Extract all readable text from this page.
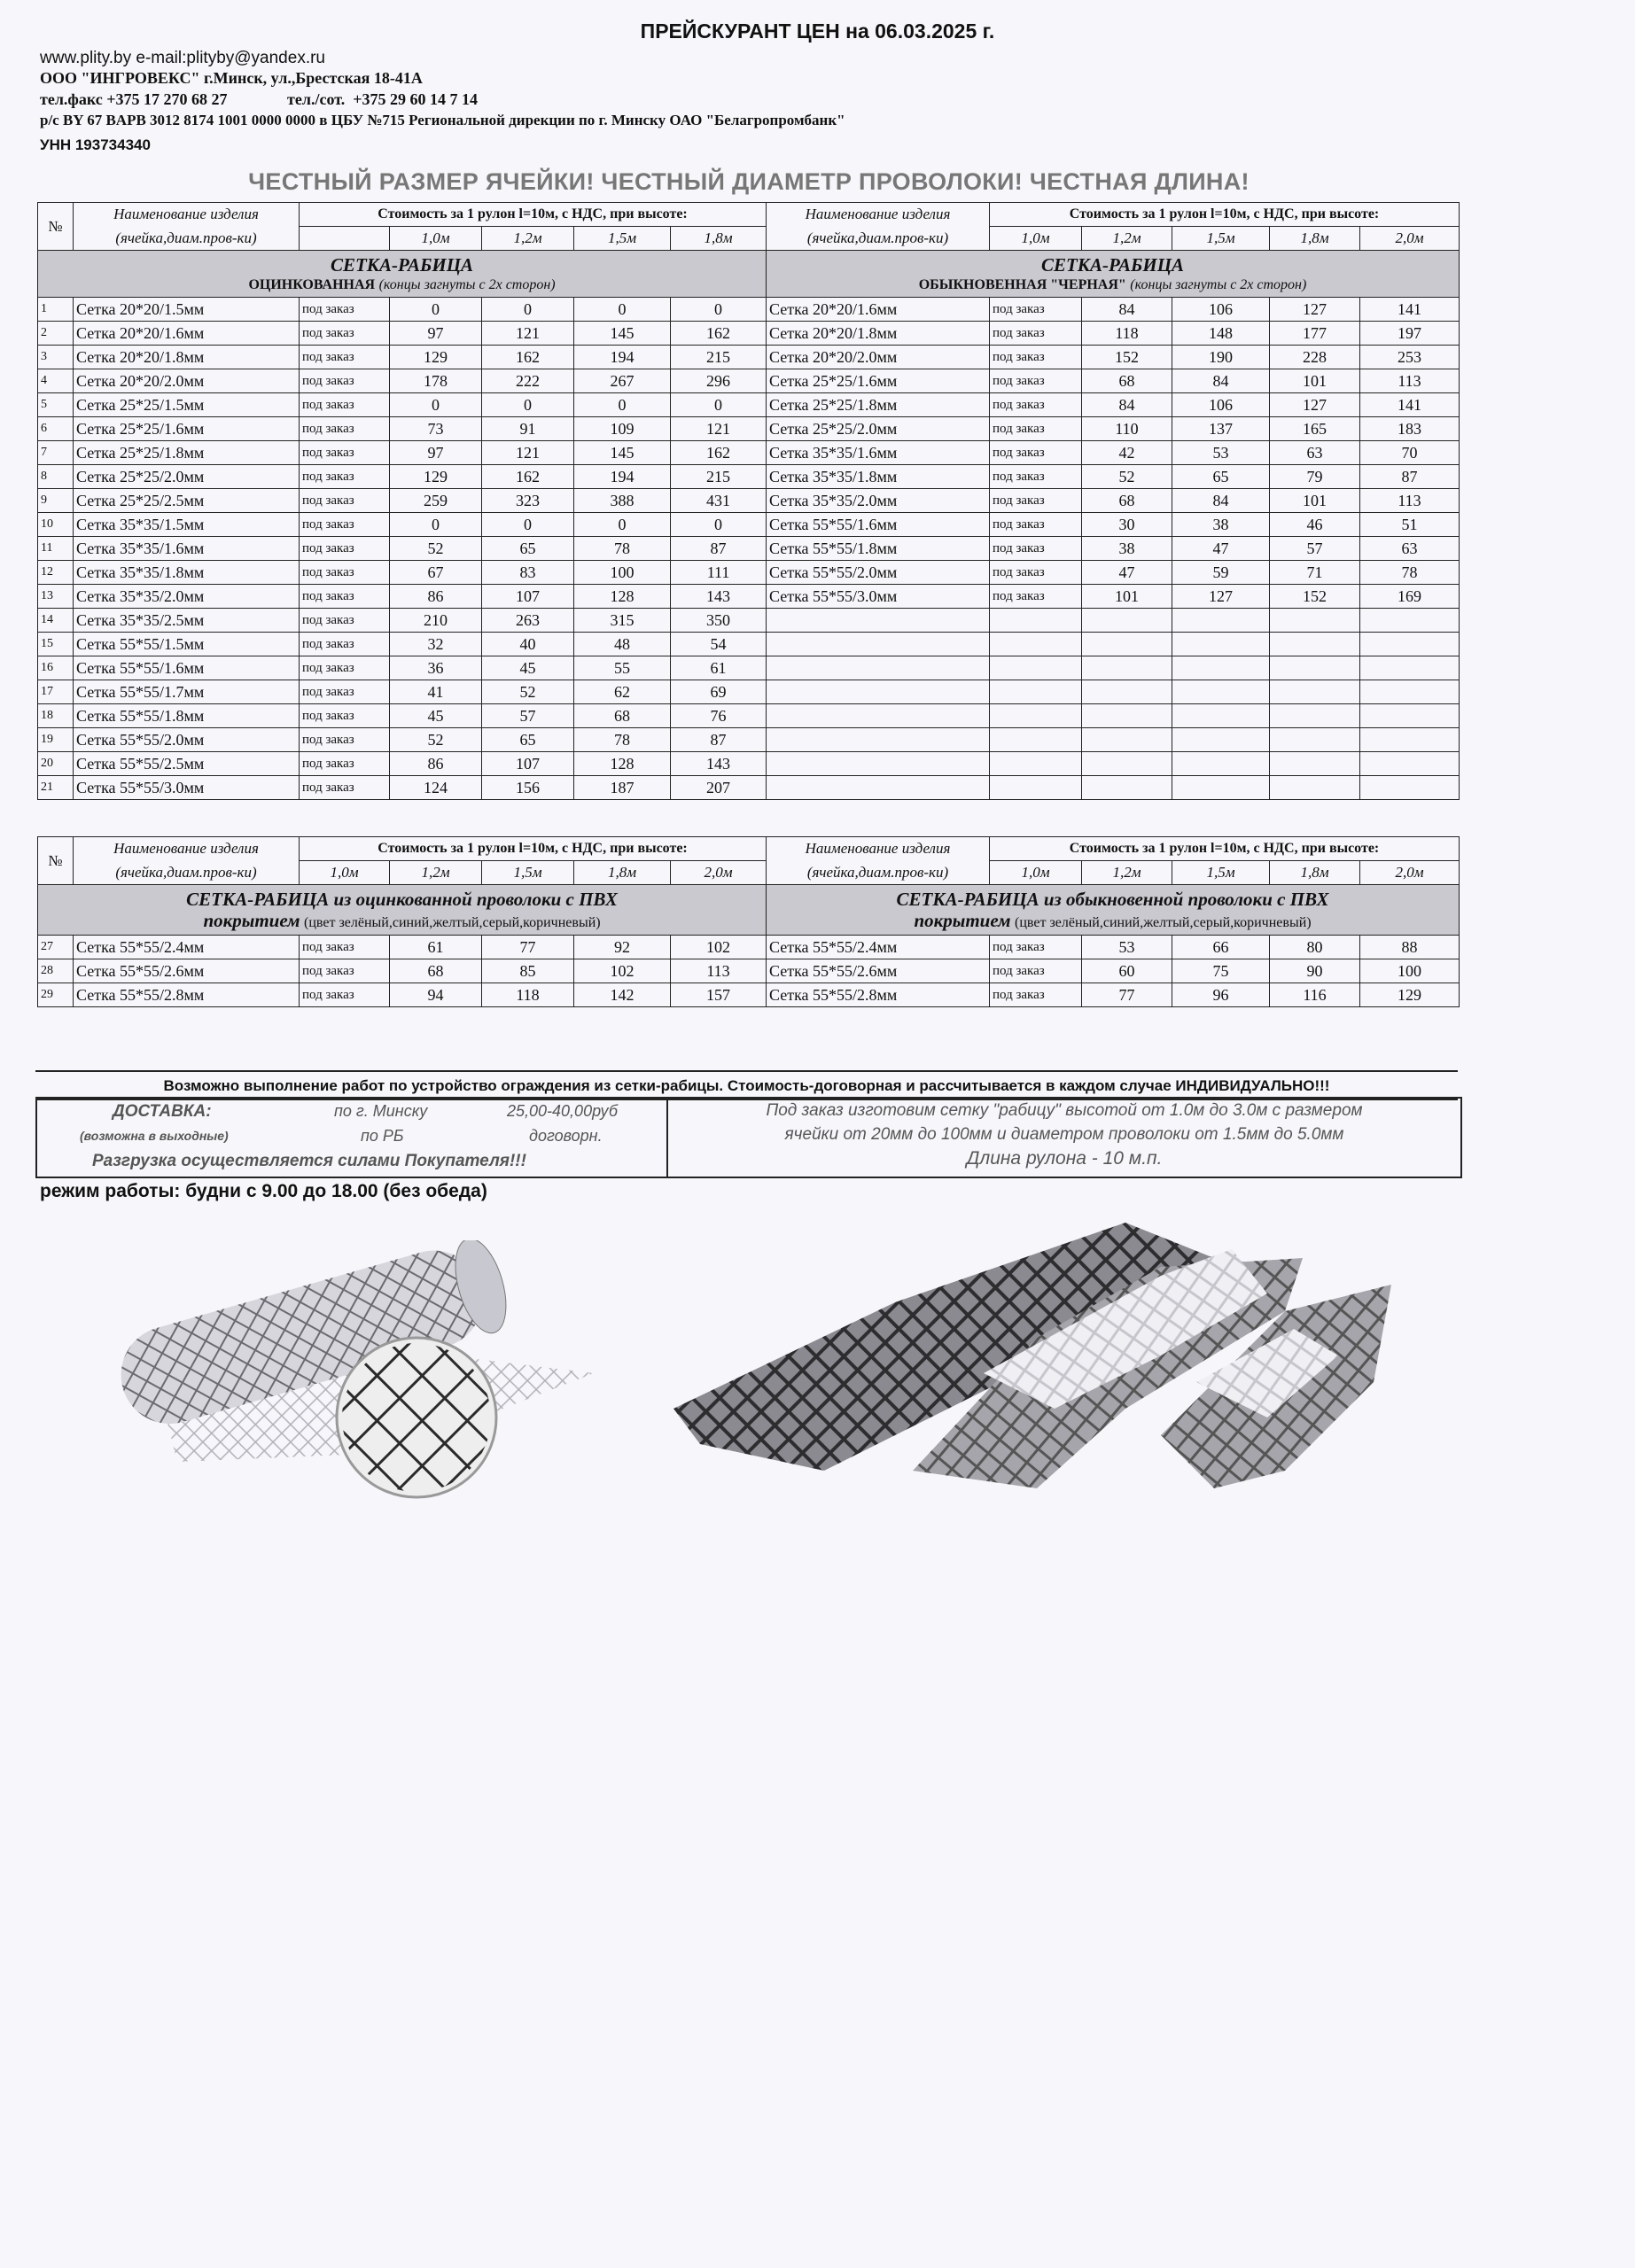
ПРЕЙСКУРАНТ ЦЕН на 06.03.2025 г.
www.plity.by e-mail:plityby@yandex.ru
ООО "ИНГРОВЕКС" г.Минск, ул.,Брестская 18-41А
тел.факс +375 17 270 68 27               тел./сот.  +375 29 60 14 7 14
р/с BY 67 BAPB 3012 8174 1001 0000 0000 в ЦБУ №715 Региональной дирекции по г. Минску ОАО "Белагропромбанк"
УНН 193734340
ЧЕСТНЫЙ РАЗМЕР ЯЧЕЙКИ! ЧЕСТНЫЙ ДИАМЕТР ПРОВОЛОКИ! ЧЕСТНАЯ ДЛИНА!
№	Наименование изделия	Стоимость за 1 рулон l=10м, с НДС, при высоте:				
	(ячейка,диам.пров-ки)		1,0м	1,2м	1,5м	1,8м

СЕТКА-РАБИЦА
ОЦИНКОВАННАЯ (концы загнуты с 2х сторон)						

1	Сетка 20*20/1.5мм	под заказ	0	0	0	0
2	Сетка 20*20/1.6мм	под заказ	97	121	145	162
3	Сетка 20*20/1.8мм	под заказ	129	162	194	215
4	Сетка 20*20/2.0мм	под заказ	178	222	267	296
5	Сетка 25*25/1.5мм	под заказ	0	0	0	0
6	Сетка 25*25/1.6мм	под заказ	73	91	109	121
7	Сетка 25*25/1.8мм	под заказ	97	121	145	162
8	Сетка 25*25/2.0мм	под заказ	129	162	194	215
9	Сетка 25*25/2.5мм	под заказ	259	323	388	431
10	Сетка 35*35/1.5мм	под заказ	0	0	0	0
11	Сетка 35*35/1.6мм	под заказ	52	65	78	87
12	Сетка 35*35/1.8мм	под заказ	67	83	100	111
13	Сетка 35*35/2.0мм	под заказ	86	107	128	143
14	Сетка 35*35/2.5мм	под заказ	210	263	315	350
15	Сетка 55*55/1.5мм	под заказ	32	40	48	54
16	Сетка 55*55/1.6мм	под заказ	36	45	55	61
17	Сетка 55*55/1.7мм	под заказ	41	52	62	69
18	Сетка 55*55/1.8мм	под заказ	45	57	68	76
19	Сетка 55*55/2.0мм	под заказ	52	65	78	87
20	Сетка 55*55/2.5мм	под заказ	86	107	128	143
21	Сетка 55*55/3.0мм	под заказ	124	156	187	207
Наименование изделия	Стоимость за 1 рулон l=10м, с НДС, при высоте:				
(ячейка,диам.пров-ки)	1,0м	1,2м	1,5м	1,8м	2,0м

СЕТКА-РАБИЦА
ОБЫКНОВЕННАЯ "ЧЕРНАЯ" (концы загнуты с 2х сторон)					

Сетка 20*20/1.6мм	под заказ	84	106	127	141
Сетка 20*20/1.8мм	под заказ	118	148	177	197
Сетка 20*20/2.0мм	под заказ	152	190	228	253
Сетка 25*25/1.6мм	под заказ	68	84	101	113
Сетка 25*25/1.8мм	под заказ	84	106	127	141
Сетка 25*25/2.0мм	под заказ	110	137	165	183
Сетка 35*35/1.6мм	под заказ	42	53	63	70
Сетка 35*35/1.8мм	под заказ	52	65	79	87
Сетка 35*35/2.0мм	под заказ	68	84	101	113
Сетка 55*55/1.6мм	под заказ	30	38	46	51
Сетка 55*55/1.8мм	под заказ	38	47	57	63
Сетка 55*55/2.0мм	под заказ	47	59	71	78
Сетка 55*55/3.0мм	под заказ	101	127	152	169

№	Наименование изделия	Стоимость за 1 рулон l=10м, с НДС, при высоте:				
	(ячейка,диам.пров-ки)	1,0м	1,2м	1,5м	1,8м	2,0м

СЕТКА-РАБИЦА из оцинкованной проволоки с ПВХ
покрытием (цвет зелёный,синий,желтый,серый,коричневый)						

27	Сетка 55*55/2.4мм	под заказ	61	77	92	102
28	Сетка 55*55/2.6мм	под заказ	68	85	102	113
29	Сетка 55*55/2.8мм	под заказ	94	118	142	157
Наименование изделия	Стоимость за 1 рулон l=10м, с НДС, при высоте:				
(ячейка,диам.пров-ки)	1,0м	1,2м	1,5м	1,8м	2,0м

СЕТКА-РАБИЦА из обыкновенной проволоки с ПВХ
покрытием (цвет зелёный,синий,желтый,серый,коричневый)					

Сетка 55*55/2.4мм	под заказ	53	66	80	88
Сетка 55*55/2.6мм	под заказ	60	75	90	100
Сетка 55*55/2.8мм	под заказ	77	96	116	129
Возможно выполнение работ по устройство ограждения из сетки-рабицы. Стоимость-договорная и рассчитывается в каждом случае ИНДИВИДУАЛЬНО!!!
ДОСТАВКА:
(возможна в выходные)
по г. Минску	25,00-40,00руб
по РБ	договорн.
Разгрузка осуществляется силами Покупателя!!!
Под заказ изготовим сетку "рабицу" высотой от 1.0м до 3.0м с размером
ячейки от 20мм до 100мм и диаметром проволоки от 1.5мм до 5.0мм
Длина рулона - 10 м.п.
режим работы: будни с 9.00 до 18.00 (без обеда)
